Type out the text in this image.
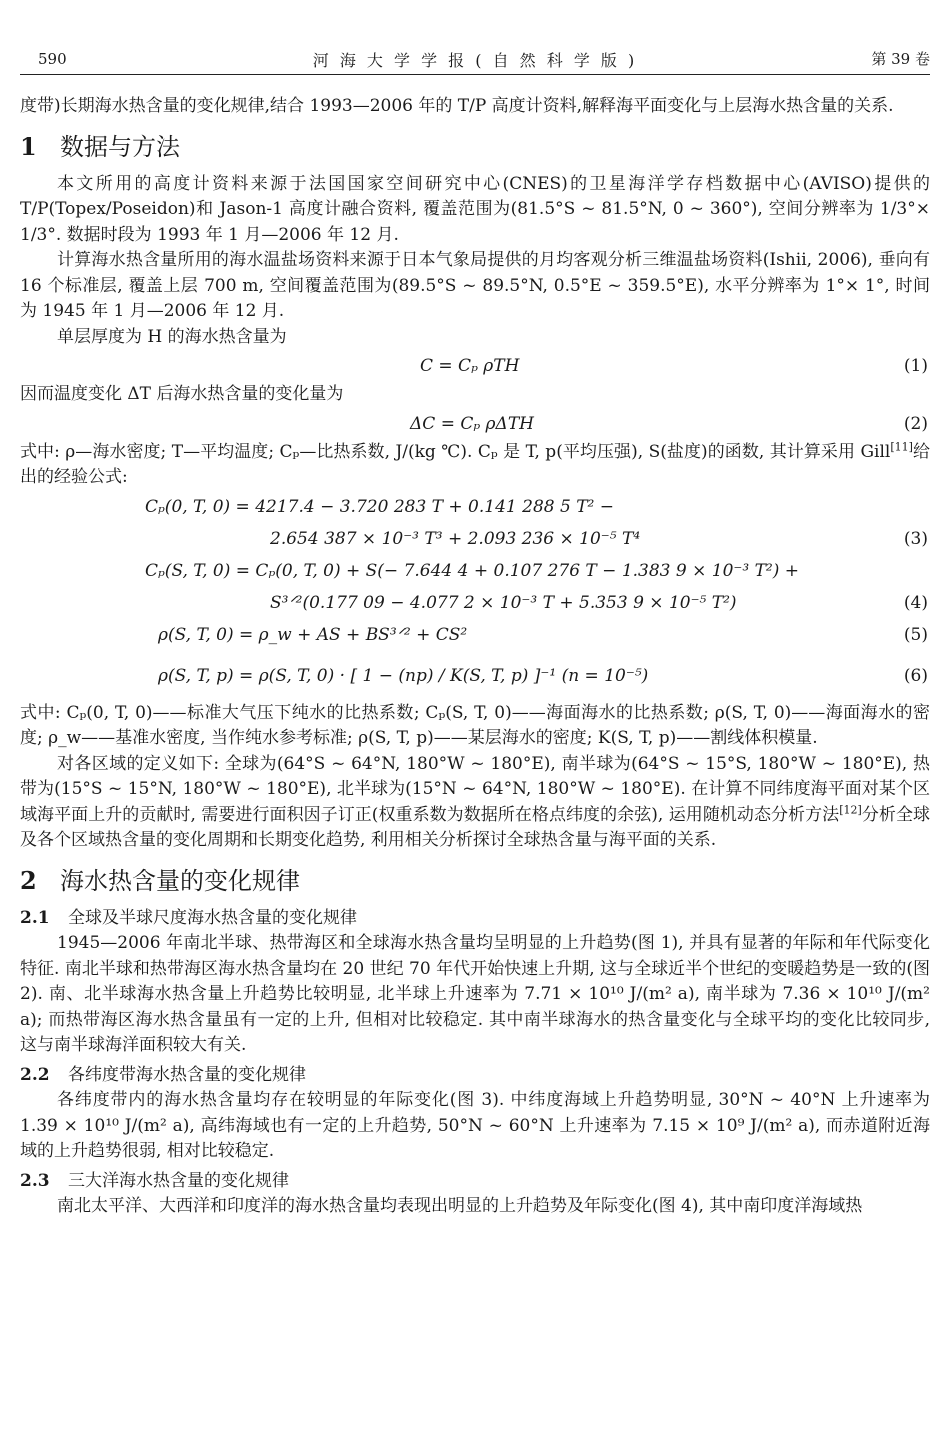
590	河 海 大 学 学 报 ( 自 然 科 学 版 )	第 39 卷

度带)长期海水热含量的变化规律,结合 1993—2006 年的 T/P 高度计资料,解释海平面变化与上层海水热含量的关系.

1 数据与方法

本文所用的高度计资料来源于法国国家空间研究中心(CNES)的卫星海洋学存档数据中心(AVISO)提供的 T/P(Topex/Poseidon)和 Jason-1 高度计融合资料, 覆盖范围为(81.5°S ~ 81.5°N, 0 ~ 360°), 空间分辨率为 1/3°× 1/3°. 数据时段为 1993 年 1 月—2006 年 12 月.

计算海水热含量所用的海水温盐场资料来源于日本气象局提供的月均客观分析三维温盐场资料(Ishii, 2006), 垂向有 16 个标准层, 覆盖上层 700 m, 空间覆盖范围为(89.5°S ~ 89.5°N, 0.5°E ~ 359.5°E), 水平分辨率为 1°× 1°, 时间为 1945 年 1 月—2006 年 12 月.

单层厚度为 H 的海水热含量为

C = Cₚ ρTH	(1)

因而温度变化 ΔT 后海水热含量的变化量为

ΔC = Cₚ ρΔTH	(2)

式中: ρ—海水密度; T—平均温度; Cₚ—比热系数, J/(kg ℃). Cₚ 是 T, p(平均压强), S(盐度)的函数, 其计算采用 Gill[11]给出的经验公式:

Cₚ(0, T, 0) = 4217.4 − 3.720 283 T + 0.141 288 5 T² −
2.654 387 × 10⁻³ T³ + 2.093 236 × 10⁻⁵ T⁴	(3)
Cₚ(S, T, 0) = Cₚ(0, T, 0) + S(− 7.644 4 + 0.107 276 T − 1.383 9 × 10⁻³ T²) +
S³ᐟ²(0.177 09 − 4.077 2 × 10⁻³ T + 5.353 9 × 10⁻⁵ T²)	(4)
ρ(S, T, 0) = ρ_w + AS + BS³ᐟ² + CS²	(5)
ρ(S, T, p) = ρ(S, T, 0) · [ 1 − (np) / K(S, T, p) ]⁻¹ (n = 10⁻⁵)	(6)

式中: Cₚ(0, T, 0)——标准大气压下纯水的比热系数; Cₚ(S, T, 0)——海面海水的比热系数; ρ(S, T, 0)——海面海水的密度; ρ_w——基准水密度, 当作纯水参考标准; ρ(S, T, p)——某层海水的密度; K(S, T, p)——割线体积模量.

对各区域的定义如下: 全球为(64°S ~ 64°N, 180°W ~ 180°E), 南半球为(64°S ~ 15°S, 180°W ~ 180°E), 热带为(15°S ~ 15°N, 180°W ~ 180°E), 北半球为(15°N ~ 64°N, 180°W ~ 180°E). 在计算不同纬度海平面对某个区域海平面上升的贡献时, 需要进行面积因子订正(权重系数为数据所在格点纬度的余弦), 运用随机动态分析方法[12]分析全球及各个区域热含量的变化周期和长期变化趋势, 利用相关分析探讨全球热含量与海平面的关系.

2 海水热含量的变化规律
2.1 全球及半球尺度海水热含量的变化规律

1945—2006 年南北半球、热带海区和全球海水热含量均呈明显的上升趋势(图 1), 并具有显著的年际和年代际变化特征. 南北半球和热带海区海水热含量均在 20 世纪 70 年代开始快速上升期, 这与全球近半个世纪的变暖趋势是一致的(图 2). 南、北半球海水热含量上升趋势比较明显, 北半球上升速率为 7.71 × 10¹⁰ J/(m² a), 南半球为 7.36 × 10¹⁰ J/(m² a); 而热带海区海水热含量虽有一定的上升, 但相对比较稳定. 其中南半球海水的热含量变化与全球平均的变化比较同步, 这与南半球海洋面积较大有关.

2.2 各纬度带海水热含量的变化规律

各纬度带内的海水热含量均存在较明显的年际变化(图 3). 中纬度海域上升趋势明显, 30°N ~ 40°N 上升速率为 1.39 × 10¹⁰ J/(m² a), 高纬海域也有一定的上升趋势, 50°N ~ 60°N 上升速率为 7.15 × 10⁹ J/(m² a), 而赤道附近海域的上升趋势很弱, 相对比较稳定.

2.3 三大洋海水热含量的变化规律

南北太平洋、大西洋和印度洋的海水热含量均表现出明显的上升趋势及年际变化(图 4), 其中南印度洋海域热
